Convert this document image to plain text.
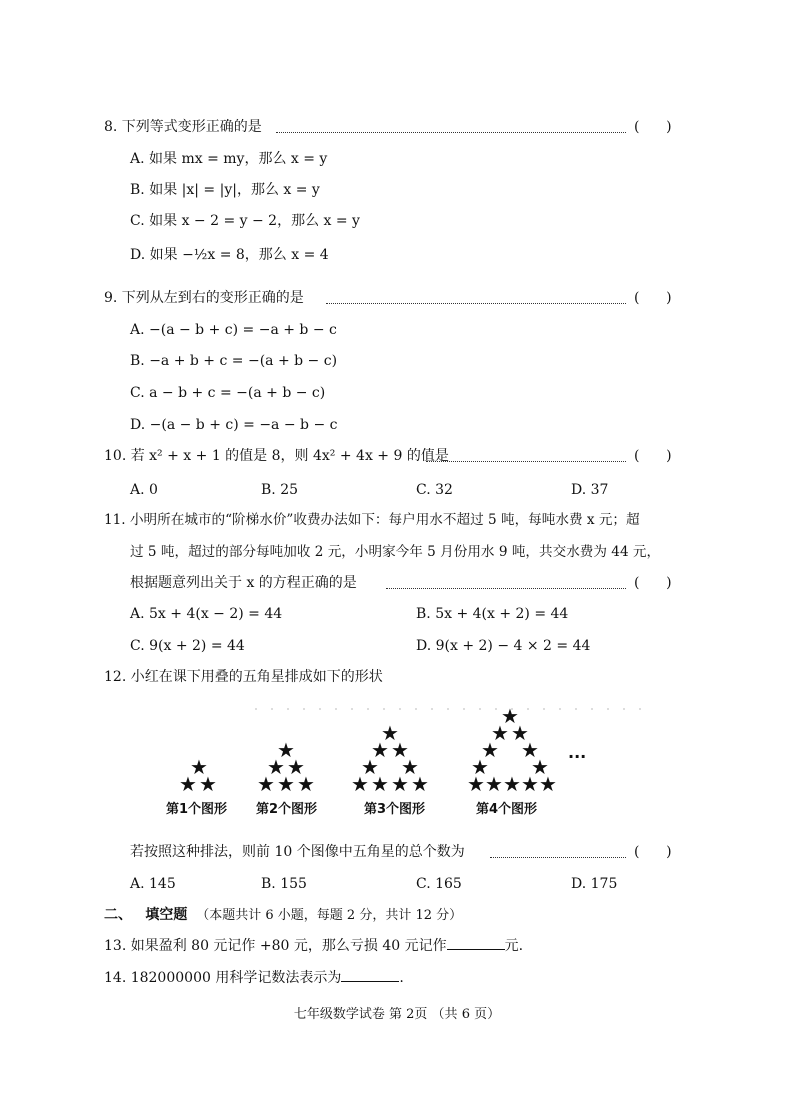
8. 下列等式变形正确的是	(      )
A. 如果 mx = my，那么 x = y
B. 如果 |x| = |y|，那么 x = y
C. 如果 x − 2 = y − 2，那么 x = y
D. 如果 −½x = 8，那么 x = 4
9. 下列从左到右的变形正确的是	(      )
A. −(a − b + c) = −a + b − c
B. −a + b + c = −(a + b − c)
C. a − b + c = −(a + b − c)
D. −(a − b + c) = −a − b − c
10. 若 x² + x + 1 的值是 8，则 4x² + 4x + 9 的值是	(      )
A. 0	B. 25	C. 32	D. 37
11. 小明所在城市的“阶梯水价”收费办法如下：每户用水不超过 5 吨，每吨水费 x 元；超
过 5 吨，超过的部分每吨加收 2 元，小明家今年 5 月份用水 9 吨，共交水费为 44 元，
根据题意列出关于 x 的方程正确的是	(      )
A. 5x + 4(x − 2) = 44	B. 5x + 4(x + 2) = 44
C. 9(x + 2) = 44	D. 9(x + 2) − 4 × 2 = 44
12. 小红在课下用叠的五角星排成如下的形状
★
★ ★
第1个图形
★
★ ★
★ ★ ★
第2个图形
★
★ ★
★ ★
★ ★ ★ ★
第3个图形
★
★ ★
★ ★
★ ★
★ ★ ★ ★ ★
第4个图形
···
若按照这种排法，则前 10 个图像中五角星的总个数为	(      )
A. 145	B. 155	C. 165	D. 175
二、 填空题 （本题共计 6 小题，每题 2 分，共计 12 分）
13. 如果盈利 80 元记作 +80 元，那么亏损 40 元记作	元.
14. 182000000 用科学记数法表示为	.
七年级数学试卷 第 2页 （共 6 页）
